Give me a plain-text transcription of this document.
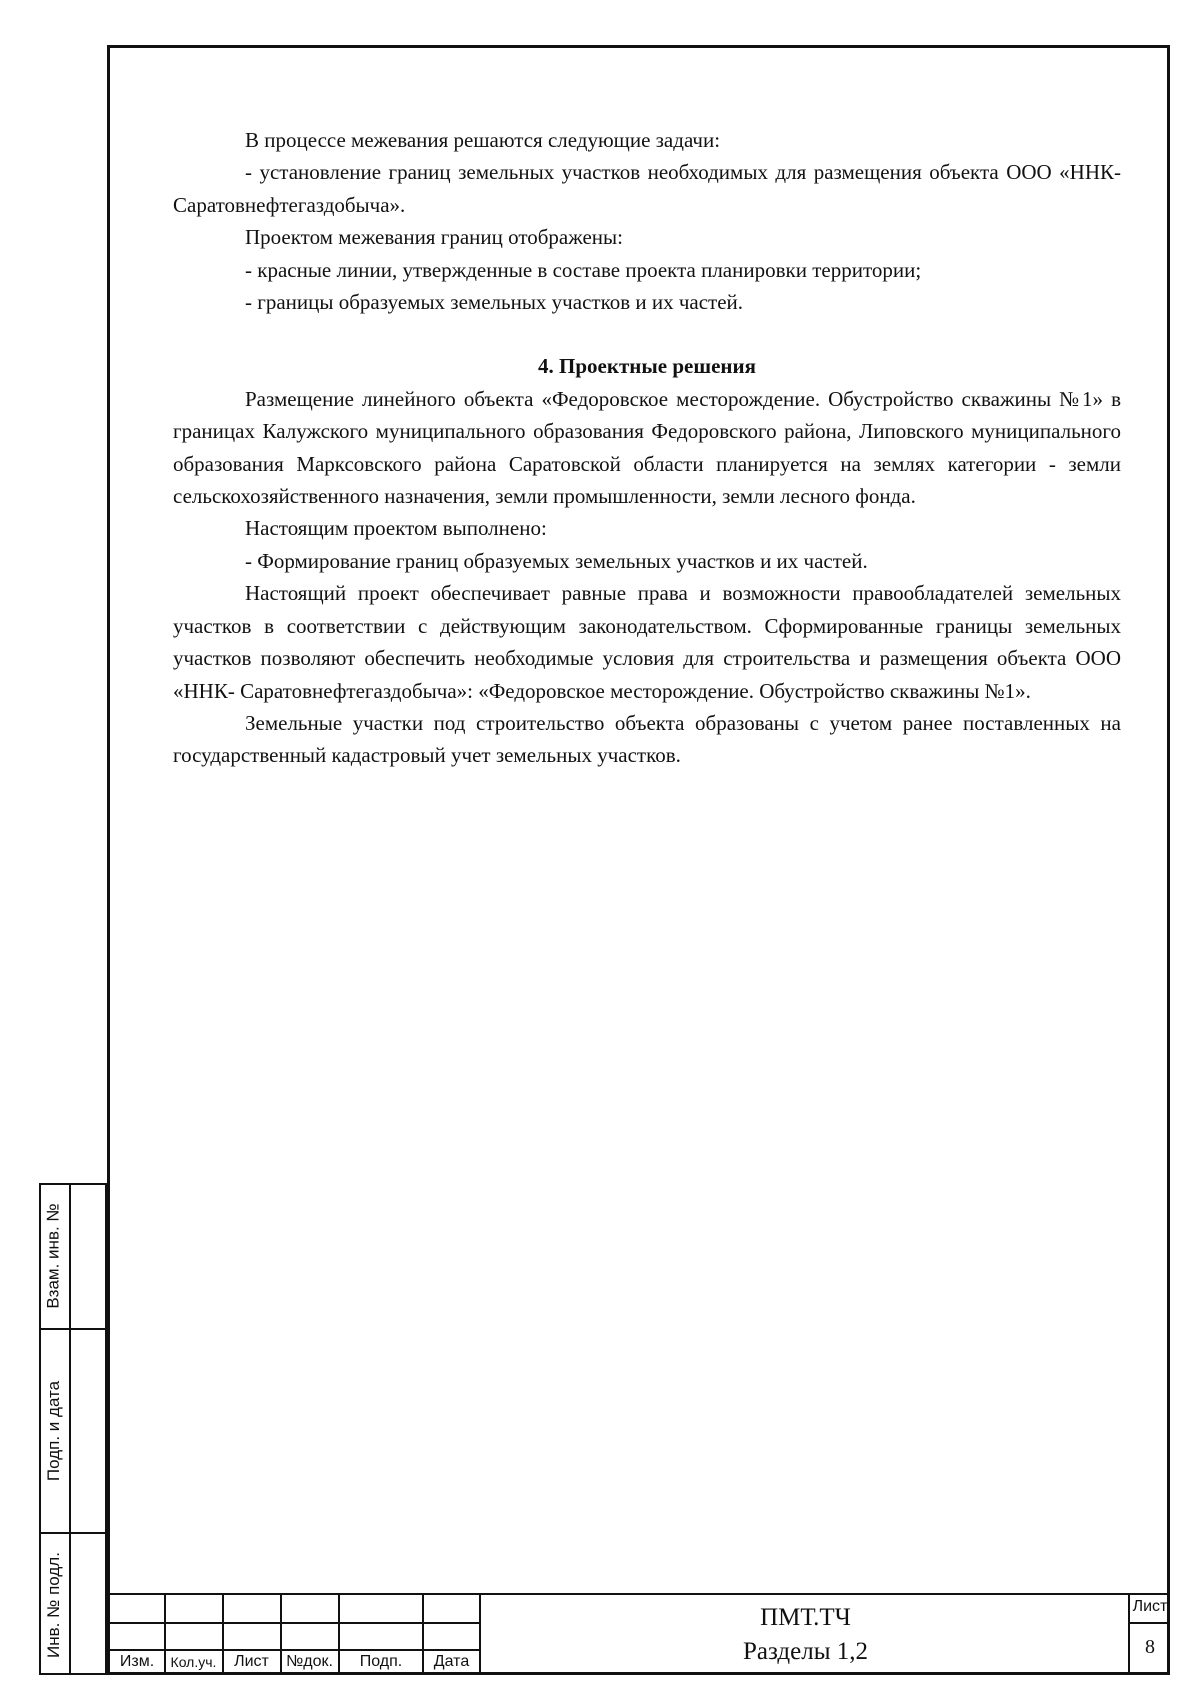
В процессе межевания решаются следующие задачи:

- установление границ земельных участков необходимых для размещения объекта ООО «ННК-Саратовнефтегаздобыча».

Проектом межевания границ отображены:

- красные линии, утвержденные в составе проекта планировки территории;

- границы образуемых земельных участков и их частей.

4. Проектные решения

Размещение линейного объекта «Федоровское месторождение. Обустройство скважины №1» в границах Калужского муниципального образования Федоровского района, Липовского муниципального образования Марксовского района Саратовской области планируется на землях категории - земли сельскохозяйственного назначения, земли промышленности, земли лесного фонда.

Настоящим проектом выполнено:

- Формирование границ образуемых земельных участков и их частей.

Настоящий проект обеспечивает равные права и возможности правообладателей земельных участков в соответствии с действующим законодательством. Сформированные границы земельных участков позволяют обеспечить необходимые условия для строительства и размещения объекта ООО «ННК- Саратовнефтегаздобыча»: «Федоровское месторождение. Обустройство скважины №1».

Земельные участки под строительство объекта образованы с учетом ранее поставленных на государственный кадастровый учет земельных участков.

Взам. инв. №
Подп. и дата
Инв. № подл.
Изм.	Кол.уч.	Лист	№док.	Подп.	Дата
ПМТ.ТЧ
Разделы 1,2
Лист
8
